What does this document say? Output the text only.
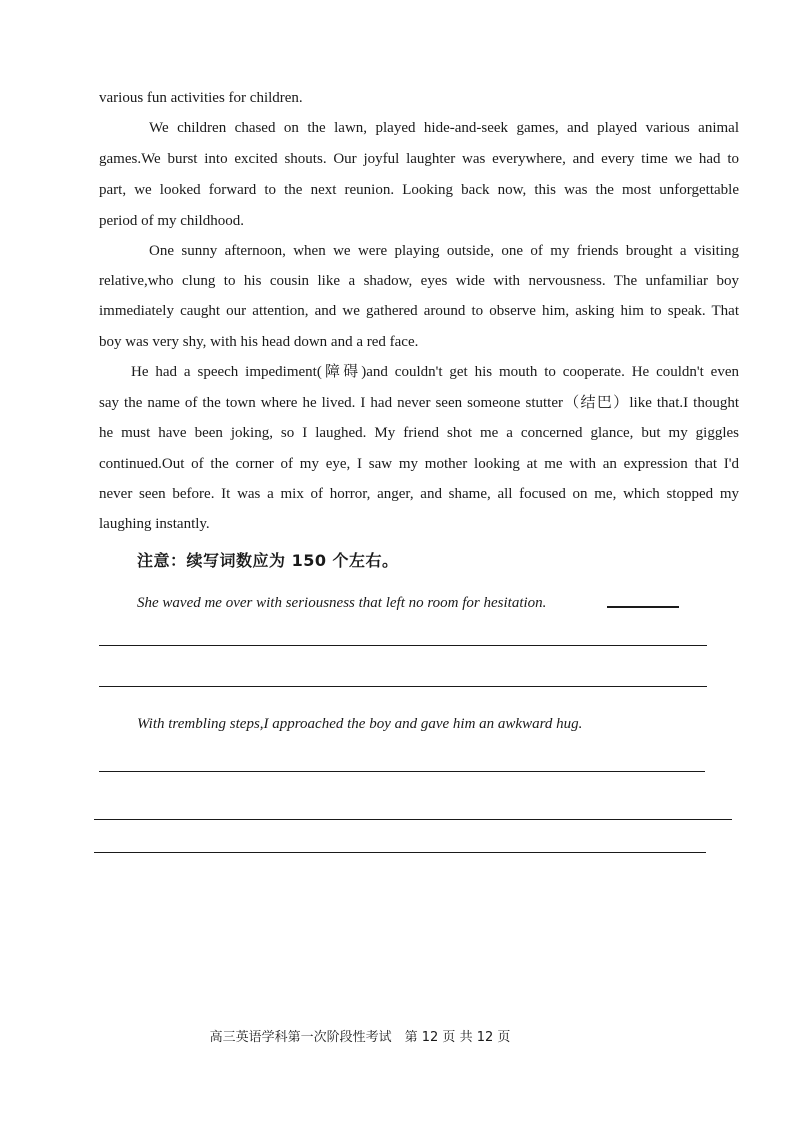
various fun activities for children.
We children chased on the lawn, played hide-and-seek games, and played various animal
games.We burst into excited shouts. Our joyful laughter was everywhere, and every time we had to
part, we looked forward to the next reunion. Looking back now, this was the most unforgettable
period of my childhood.
One sunny afternoon, when we were playing outside, one of my friends brought a visiting
relative,who clung to his cousin like a shadow, eyes wide with nervousness. The unfamiliar boy
immediately caught our attention, and we gathered around to observe him, asking him to speak. That
boy was very shy, with his head down and a red face.
He had a speech impediment(障碍)and couldn't get his mouth to cooperate. He couldn't even
say the name of the town where he lived. I had never seen someone stutter（结巴）like that.I thought
he must have been joking, so I laughed. My friend shot me a concerned glance, but my giggles
continued.Out of the corner of my eye, I saw my mother looking at me with an expression that I'd
never seen before. It was a mix of horror, anger, and shame, all focused on me, which stopped my
laughing instantly.
注意：续写词数应为 150 个左右。
She waved me over with seriousness that left no room for hesitation.
With trembling steps,I approached the boy and gave him an awkward hug.
高三英语学科第一次阶段性考试　第 12 页 共 12 页
